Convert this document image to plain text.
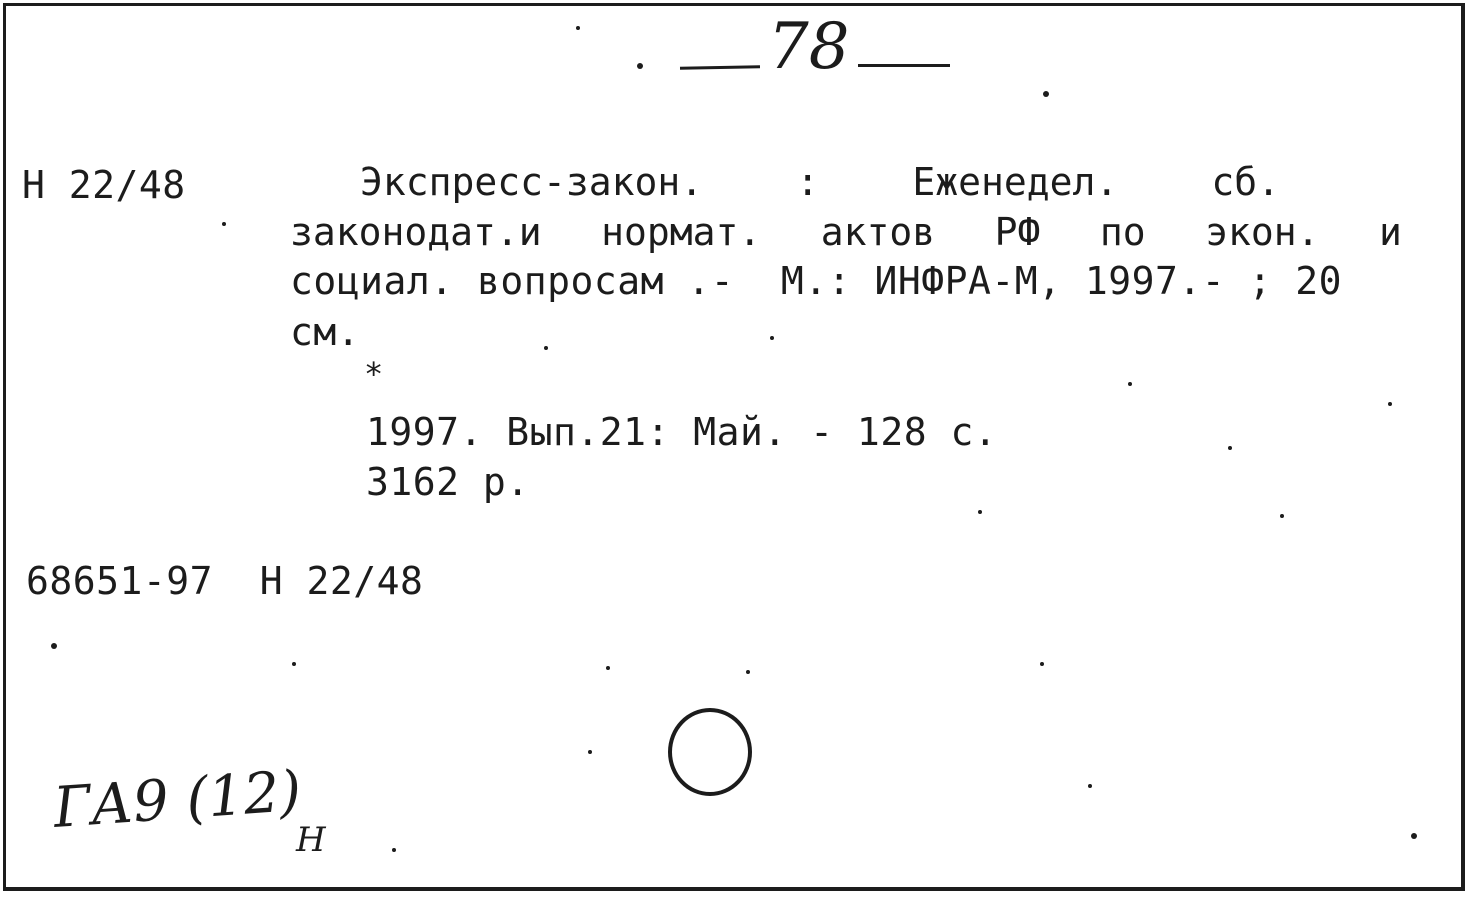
78
Н 22/48	Экспресс-закон. : Еженедел. сб.
законодат.и нормат. актов РФ по экон. и
социал. вопросам .-  М.: ИНФРА-М, 1997.- ; 20
см.
*
1997. Вып.21: Май. - 128 с.
3162 р.
68651-97  Н 22/48
ГА9 (12)
Н
